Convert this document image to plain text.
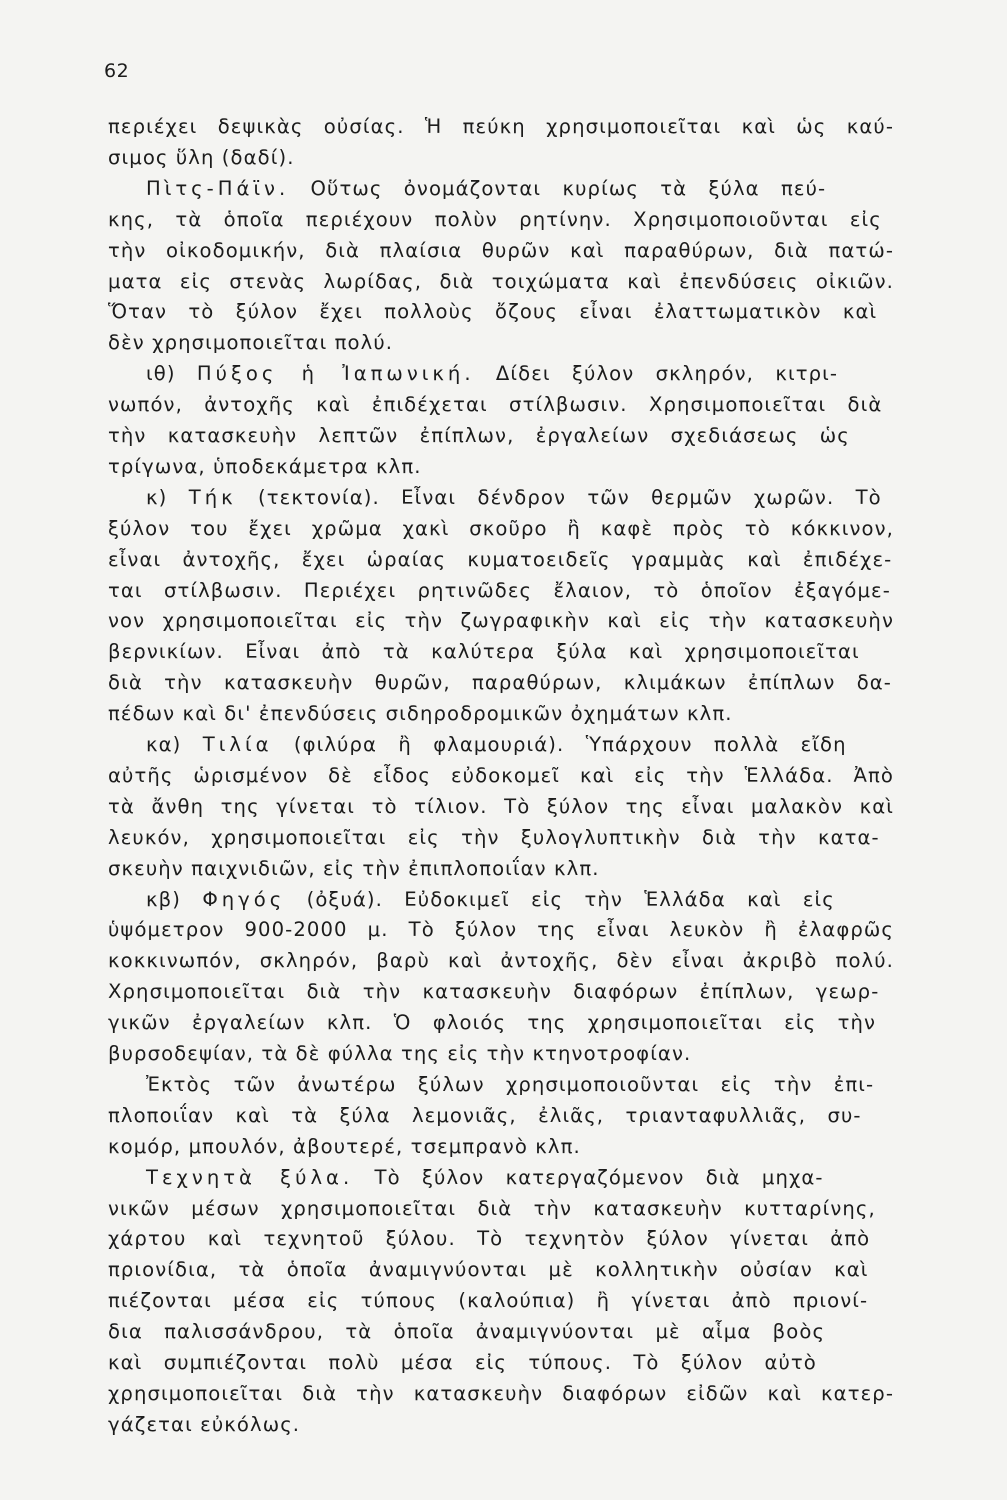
62
περιέχει δεψικὰς οὐσίας. Ἡ πεύκη χρησιμοποιεῖται καὶ ὡς καύ-
σιμος ὕλη (δαδί).
Πὶτς-Πάϊν. Οὕτως ὀνομάζονται κυρίως τὰ ξύλα πεύ-
κης, τὰ ὁποῖα περιέχουν πολὺν ρητίνην. Χρησιμοποιοῦνται εἰς
τὴν οἰκοδομικήν, διὰ πλαίσια θυρῶν καὶ παραθύρων, διὰ πατώ-
ματα εἰς στενὰς λωρίδας, διὰ τοιχώματα καὶ ἐπενδύσεις οἰκιῶν.
Ὅταν τὸ ξύλον ἔχει πολλοὺς ὄζους εἶναι ἐλαττωματικὸν καὶ
δὲν χρησιμοποιεῖται πολύ.
ιθ) Πύξος ἡ Ἰαπωνική. Δίδει ξύλον σκληρόν, κιτρι-
νωπόν, ἀντοχῆς καὶ ἐπιδέχεται στίλβωσιν. Χρησιμοποιεῖται διὰ
τὴν κατασκευὴν λεπτῶν ἐπίπλων, ἐργαλείων σχεδιάσεως ὡς
τρίγωνα, ὑποδεκάμετρα κλπ.
κ) Τήκ (τεκτονία). Εἶναι δένδρον τῶν θερμῶν χωρῶν. Τὸ
ξύλον του ἔχει χρῶμα χακὶ σκοῦρο ἢ καφὲ πρὸς τὸ κόκκινον,
εἶναι ἀντοχῆς, ἔχει ὡραίας κυματοειδεῖς γραμμὰς καὶ ἐπιδέχε-
ται στίλβωσιν. Περιέχει ρητινῶδες ἔλαιον, τὸ ὁποῖον ἐξαγόμε-
νον χρησιμοποιεῖται εἰς τὴν ζωγραφικὴν καὶ εἰς τὴν κατασκευὴν
βερνικίων. Εἶναι ἀπὸ τὰ καλύτερα ξύλα καὶ χρησιμοποιεῖται
διὰ τὴν κατασκευὴν θυρῶν, παραθύρων, κλιμάκων ἐπίπλων δα-
πέδων καὶ δι' ἐπενδύσεις σιδηροδρομικῶν ὀχημάτων κλπ.
κα) Τιλία (φιλύρα ἢ φλαμουριά). Ὑπάρχουν πολλὰ εἴδη
αὐτῆς ὡρισμένον δὲ εἶδος εὐδοκομεῖ καὶ εἰς τὴν Ἑλλάδα. Ἀπὸ
τὰ ἄνθη της γίνεται τὸ τίλιον. Τὸ ξύλον της εἶναι μαλακὸν καὶ
λευκόν, χρησιμοποιεῖται εἰς τὴν ξυλογλυπτικὴν διὰ τὴν κατα-
σκευὴν παιχνιδιῶν, εἰς τὴν ἐπιπλοποιΐαν κλπ.
κβ) Φηγός (ὀξυά). Εὐδοκιμεῖ εἰς τὴν Ἑλλάδα καὶ εἰς
ὑψόμετρον 900-2000 μ. Τὸ ξύλον της εἶναι λευκὸν ἢ ἐλαφρῶς
κοκκινωπόν, σκληρόν, βαρὺ καὶ ἀντοχῆς, δὲν εἶναι ἀκριβὸ πολύ.
Χρησιμοποιεῖται διὰ τὴν κατασκευὴν διαφόρων ἐπίπλων, γεωρ-
γικῶν ἐργαλείων κλπ. Ὁ φλοιός της χρησιμοποιεῖται εἰς τὴν
βυρσοδεψίαν, τὰ δὲ φύλλα της εἰς τὴν κτηνοτροφίαν.
Ἐκτὸς τῶν ἀνωτέρω ξύλων χρησιμοποιοῦνται εἰς τὴν ἐπι-
πλοποιΐαν καὶ τὰ ξύλα λεμονιᾶς, ἐλιᾶς, τριανταφυλλιᾶς, συ-
κομόρ, μπουλόν, ἀβουτερέ, τσεμπρανὸ κλπ.
Τεχνητὰ ξύλα. Τὸ ξύλον κατεργαζόμενον διὰ μηχα-
νικῶν μέσων χρησιμοποιεῖται διὰ τὴν κατασκευὴν κυτταρίνης,
χάρτου καὶ τεχνητοῦ ξύλου. Τὸ τεχνητὸν ξύλον γίνεται ἀπὸ
πριονίδια, τὰ ὁποῖα ἀναμιγνύονται μὲ κολλητικὴν οὐσίαν καὶ
πιέζονται μέσα εἰς τύπους (καλούπια) ἢ γίνεται ἀπὸ πριονί-
δια παλισσάνδρου, τὰ ὁποῖα ἀναμιγνύονται μὲ αἷμα βοὸς
καὶ συμπιέζονται πολὺ μέσα εἰς τύπους. Τὸ ξύλον αὐτὸ
χρησιμοποιεῖται διὰ τὴν κατασκευὴν διαφόρων εἰδῶν καὶ κατερ-
γάζεται εὐκόλως.
